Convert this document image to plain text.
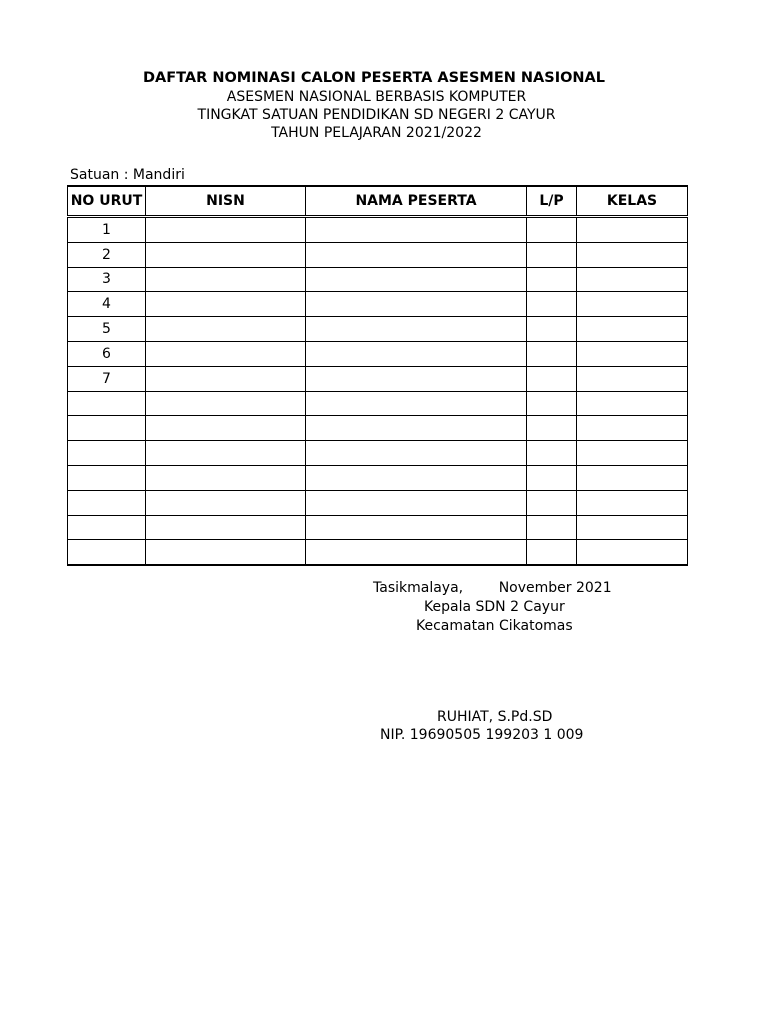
DAFTAR NOMINASI CALON PESERTA ASESMEN NASIONAL
ASESMEN NASIONAL BERBASIS KOMPUTER
TINGKAT SATUAN PENDIDIKAN SD NEGERI 2 CAYUR
TAHUN PELAJARAN 2021/2022
Satuan : Mandiri
NO URUT	NISN	NAMA PESERTA	L/P	KELAS
1				
2				
3				
4				
5				
6				
7				

Tasikmalaya,        November 2021
Kepala SDN 2 Cayur
Kecamatan Cikatomas
RUHIAT, S.Pd.SD
NIP. 19690505 199203 1 009
